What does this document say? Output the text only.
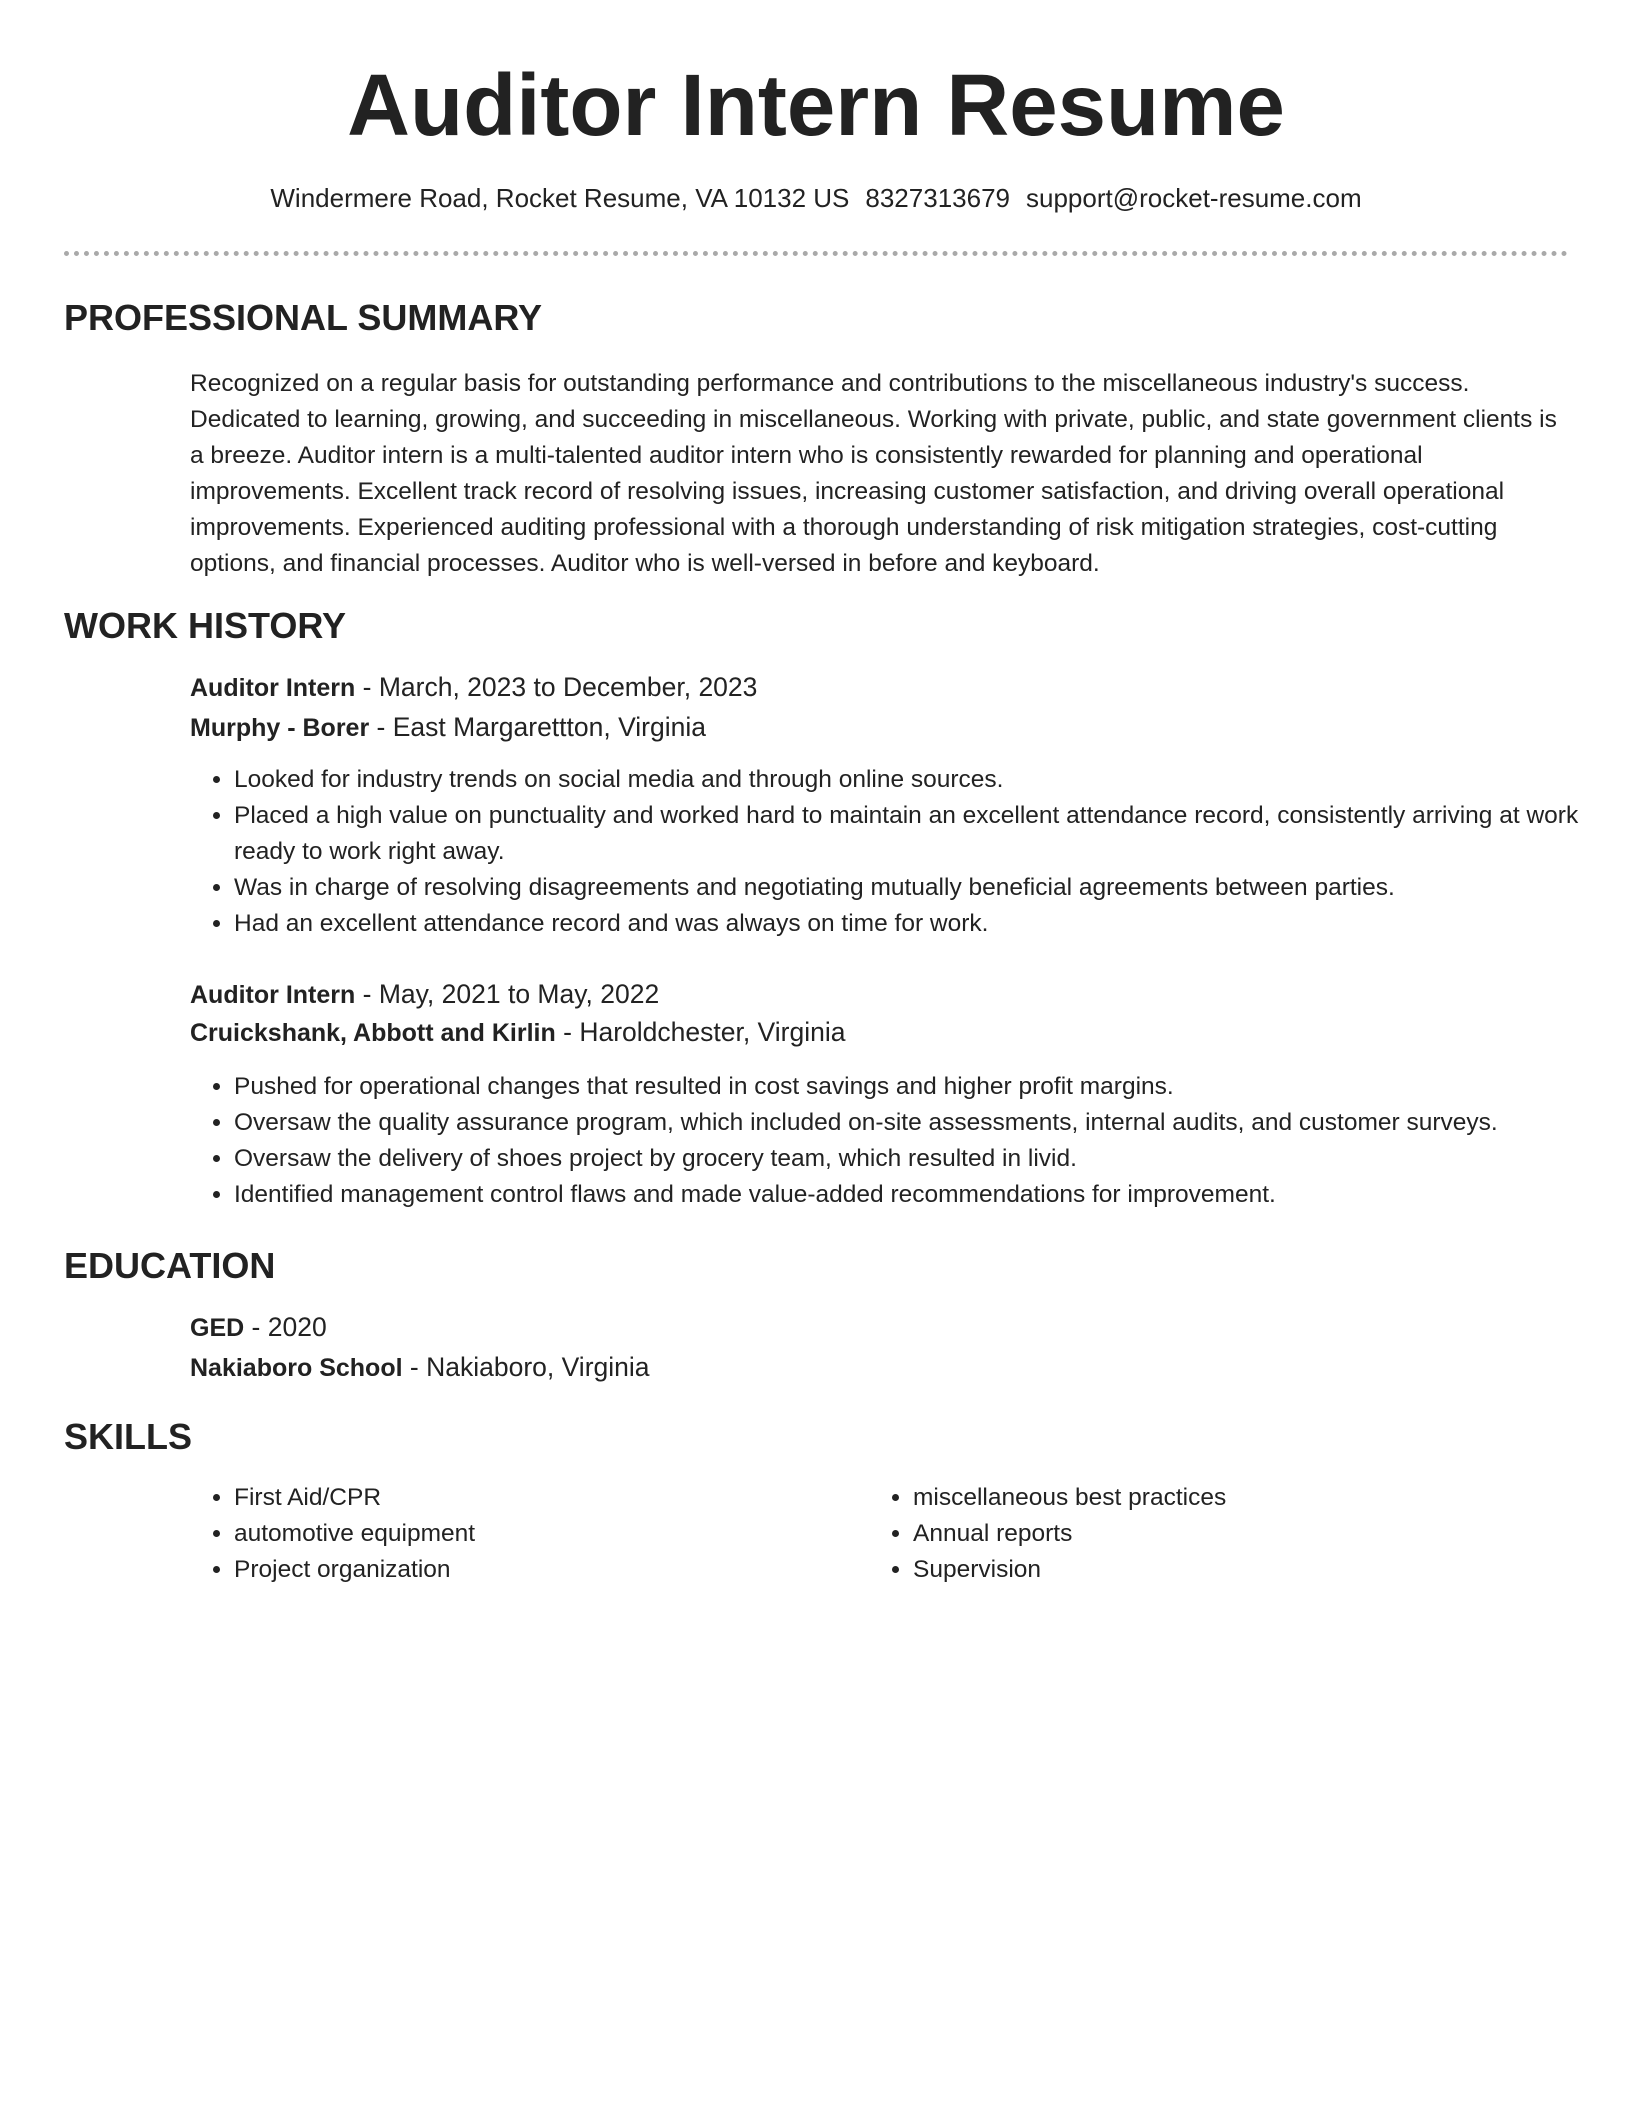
Auditor Intern Resume
Windermere Road, Rocket Resume, VA 10132 US 8327313679 support@rocket-resume.com
PROFESSIONAL SUMMARY

Recognized on a regular basis for outstanding performance and contributions to the miscellaneous industry's success. Dedicated to learning, growing, and succeeding in miscellaneous. Working with private, public, and state government clients is a breeze. Auditor intern is a multi-talented auditor intern who is consistently rewarded for planning and operational improvements. Excellent track record of resolving issues, increasing customer satisfaction, and driving overall operational improvements. Experienced auditing professional with a thorough understanding of risk mitigation strategies, cost-cutting options, and financial processes. Auditor who is well-versed in before and keyboard.

WORK HISTORY
Auditor Intern - March, 2023 to December, 2023
Murphy - Borer - East Margarettton, Virginia
• Looked for industry trends on social media and through online sources.
• Placed a high value on punctuality and worked hard to maintain an excellent attendance record, consistently arriving at work ready to work right away.
• Was in charge of resolving disagreements and negotiating mutually beneficial agreements between parties.
• Had an excellent attendance record and was always on time for work.
Auditor Intern - May, 2021 to May, 2022
Cruickshank, Abbott and Kirlin - Haroldchester, Virginia
• Pushed for operational changes that resulted in cost savings and higher profit margins.
• Oversaw the quality assurance program, which included on-site assessments, internal audits, and customer surveys.
• Oversaw the delivery of shoes project by grocery team, which resulted in livid.
• Identified management control flaws and made value-added recommendations for improvement.
EDUCATION
GED - 2020
Nakiaboro School - Nakiaboro, Virginia
SKILLS
• First Aid/CPR
• automotive equipment
• Project organization
• miscellaneous best practices
• Annual reports
• Supervision
